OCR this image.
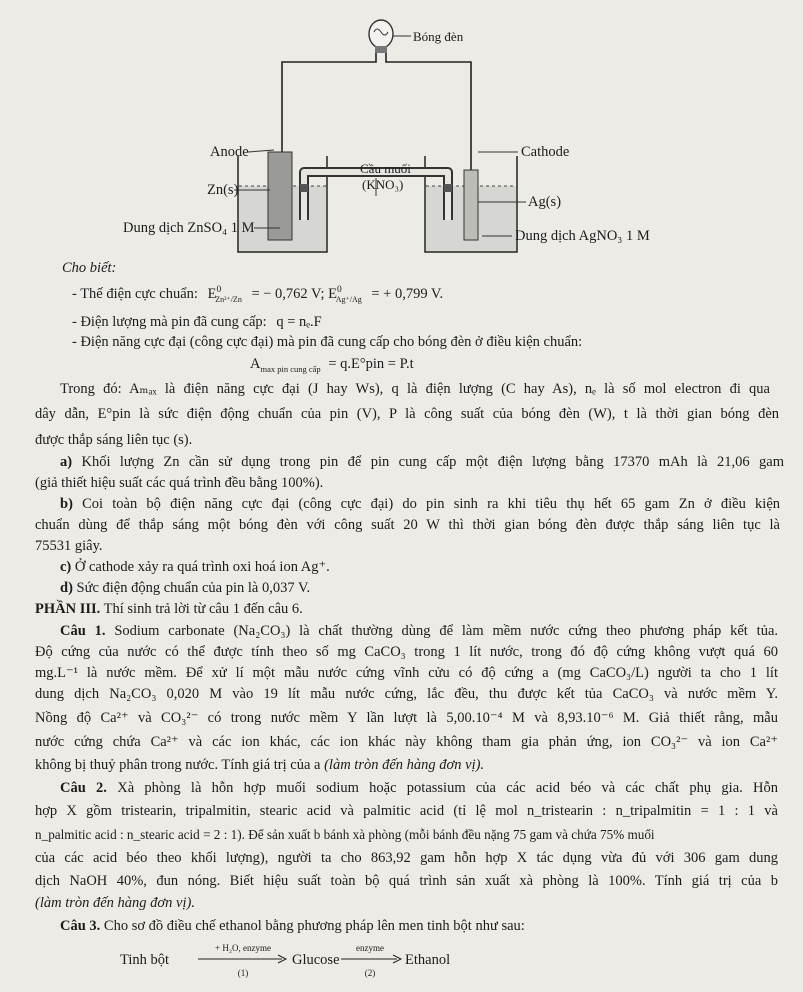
Bóng đèn
Anode	Cathode
Cầu muối
(KNO₃)
Zn(s)
Ag(s)
Dung dịch ZnSO₄ 1 M	Dung dịch AgNO₃ 1 M
Cho biết:
- Thế điện cực chuẩn: $E^0_{Zn^{2+}/Zn}$ = − 0,762 V; $E^0_{Ag^+/Ag}$ = + 0,799 V.
- Điện lượng mà pin đã cung cấp: q = nₑ.F
- Điện năng cực đại (công cực đại) mà pin đã cung cấp cho bóng đèn ở điều kiện chuẩn:
$A_{max pin cung cấp} = q.E^\circ pin = P.t$
Trong đó: Aₘₐₓ là điện năng cực đại (J hay Ws), q là điện lượng (C hay As), nₑ là số mol electron đi qua
dây dẫn, E°pin là sức điện động chuẩn của pin (V), P là công suất của bóng đèn (W), t là thời gian bóng đèn
được thắp sáng liên tục (s).
a) Khối lượng Zn cần sử dụng trong pin để pin cung cấp một điện lượng bằng 17370 mAh là 21,06 gam
(giả thiết hiệu suất các quá trình đều bằng 100%).
b) Coi toàn bộ điện năng cực đại (công cực đại) do pin sinh ra khi tiêu thụ hết 65 gam Zn ở điều kiện
chuẩn dùng để thắp sáng một bóng đèn với công suất 20 W thì thời gian bóng đèn được thắp sáng liên tục là
75531 giây.
c) Ở cathode xảy ra quá trình oxi hoá ion Ag⁺.
d) Sức điện động chuẩn của pin là 0,037 V.
PHẦN III. Thí sinh trả lời từ câu 1 đến câu 6.
Câu 1. Sodium carbonate (Na₂CO₃) là chất thường dùng để làm mềm nước cứng theo phương pháp kết tủa.
Độ cứng của nước có thể được tính theo số mg CaCO₃ trong 1 lít nước, trong đó độ cứng không vượt quá 60
mg.L⁻¹ là nước mềm. Để xử lí một mẫu nước cứng vĩnh cửu có độ cứng a (mg CaCO₃/L) người ta cho 1 lít
dung dịch Na₂CO₃ 0,020 M vào 19 lít mẫu nước cứng, lắc đều, thu được kết tủa CaCO₃ và nước mềm Y.
Nồng độ Ca²⁺ và CO₃²⁻ có trong nước mềm Y lần lượt là 5,00.10⁻⁴ M và 8,93.10⁻⁶ M. Giả thiết rằng, mẫu
nước cứng chứa Ca²⁺ và các ion khác, các ion khác này không tham gia phản ứng, ion CO₃²⁻ và ion Ca²⁺
không bị thuỷ phân trong nước. Tính giá trị của a (làm tròn đến hàng đơn vị).
Câu 2. Xà phòng là hỗn hợp muối sodium hoặc potassium của các acid béo và các chất phụ gia. Hỗn
hợp X gồm tristearin, tripalmitin, stearic acid và palmitic acid (tỉ lệ mol n_tristearin : n_tripalmitin = 1 : 1 và
n_palmitic acid : n_stearic acid = 2 : 1). Để sản xuất b bánh xà phòng (mỗi bánh đều nặng 75 gam và chứa 75% muối
của các acid béo theo khối lượng), người ta cho 863,92 gam hỗn hợp X tác dụng vừa đủ với 306 gam dung
dịch NaOH 40%, đun nóng. Biết hiệu suất toàn bộ quá trình sản xuất xà phòng là 100%. Tính giá trị của b
(làm tròn đến hàng đơn vị).
Câu 3. Cho sơ đồ điều chế ethanol bằng phương pháp lên men tinh bột như sau:
Tinh bột
+ H₂O, enzyme
(1)
Glucose
enzyme
(2)
Ethanol
